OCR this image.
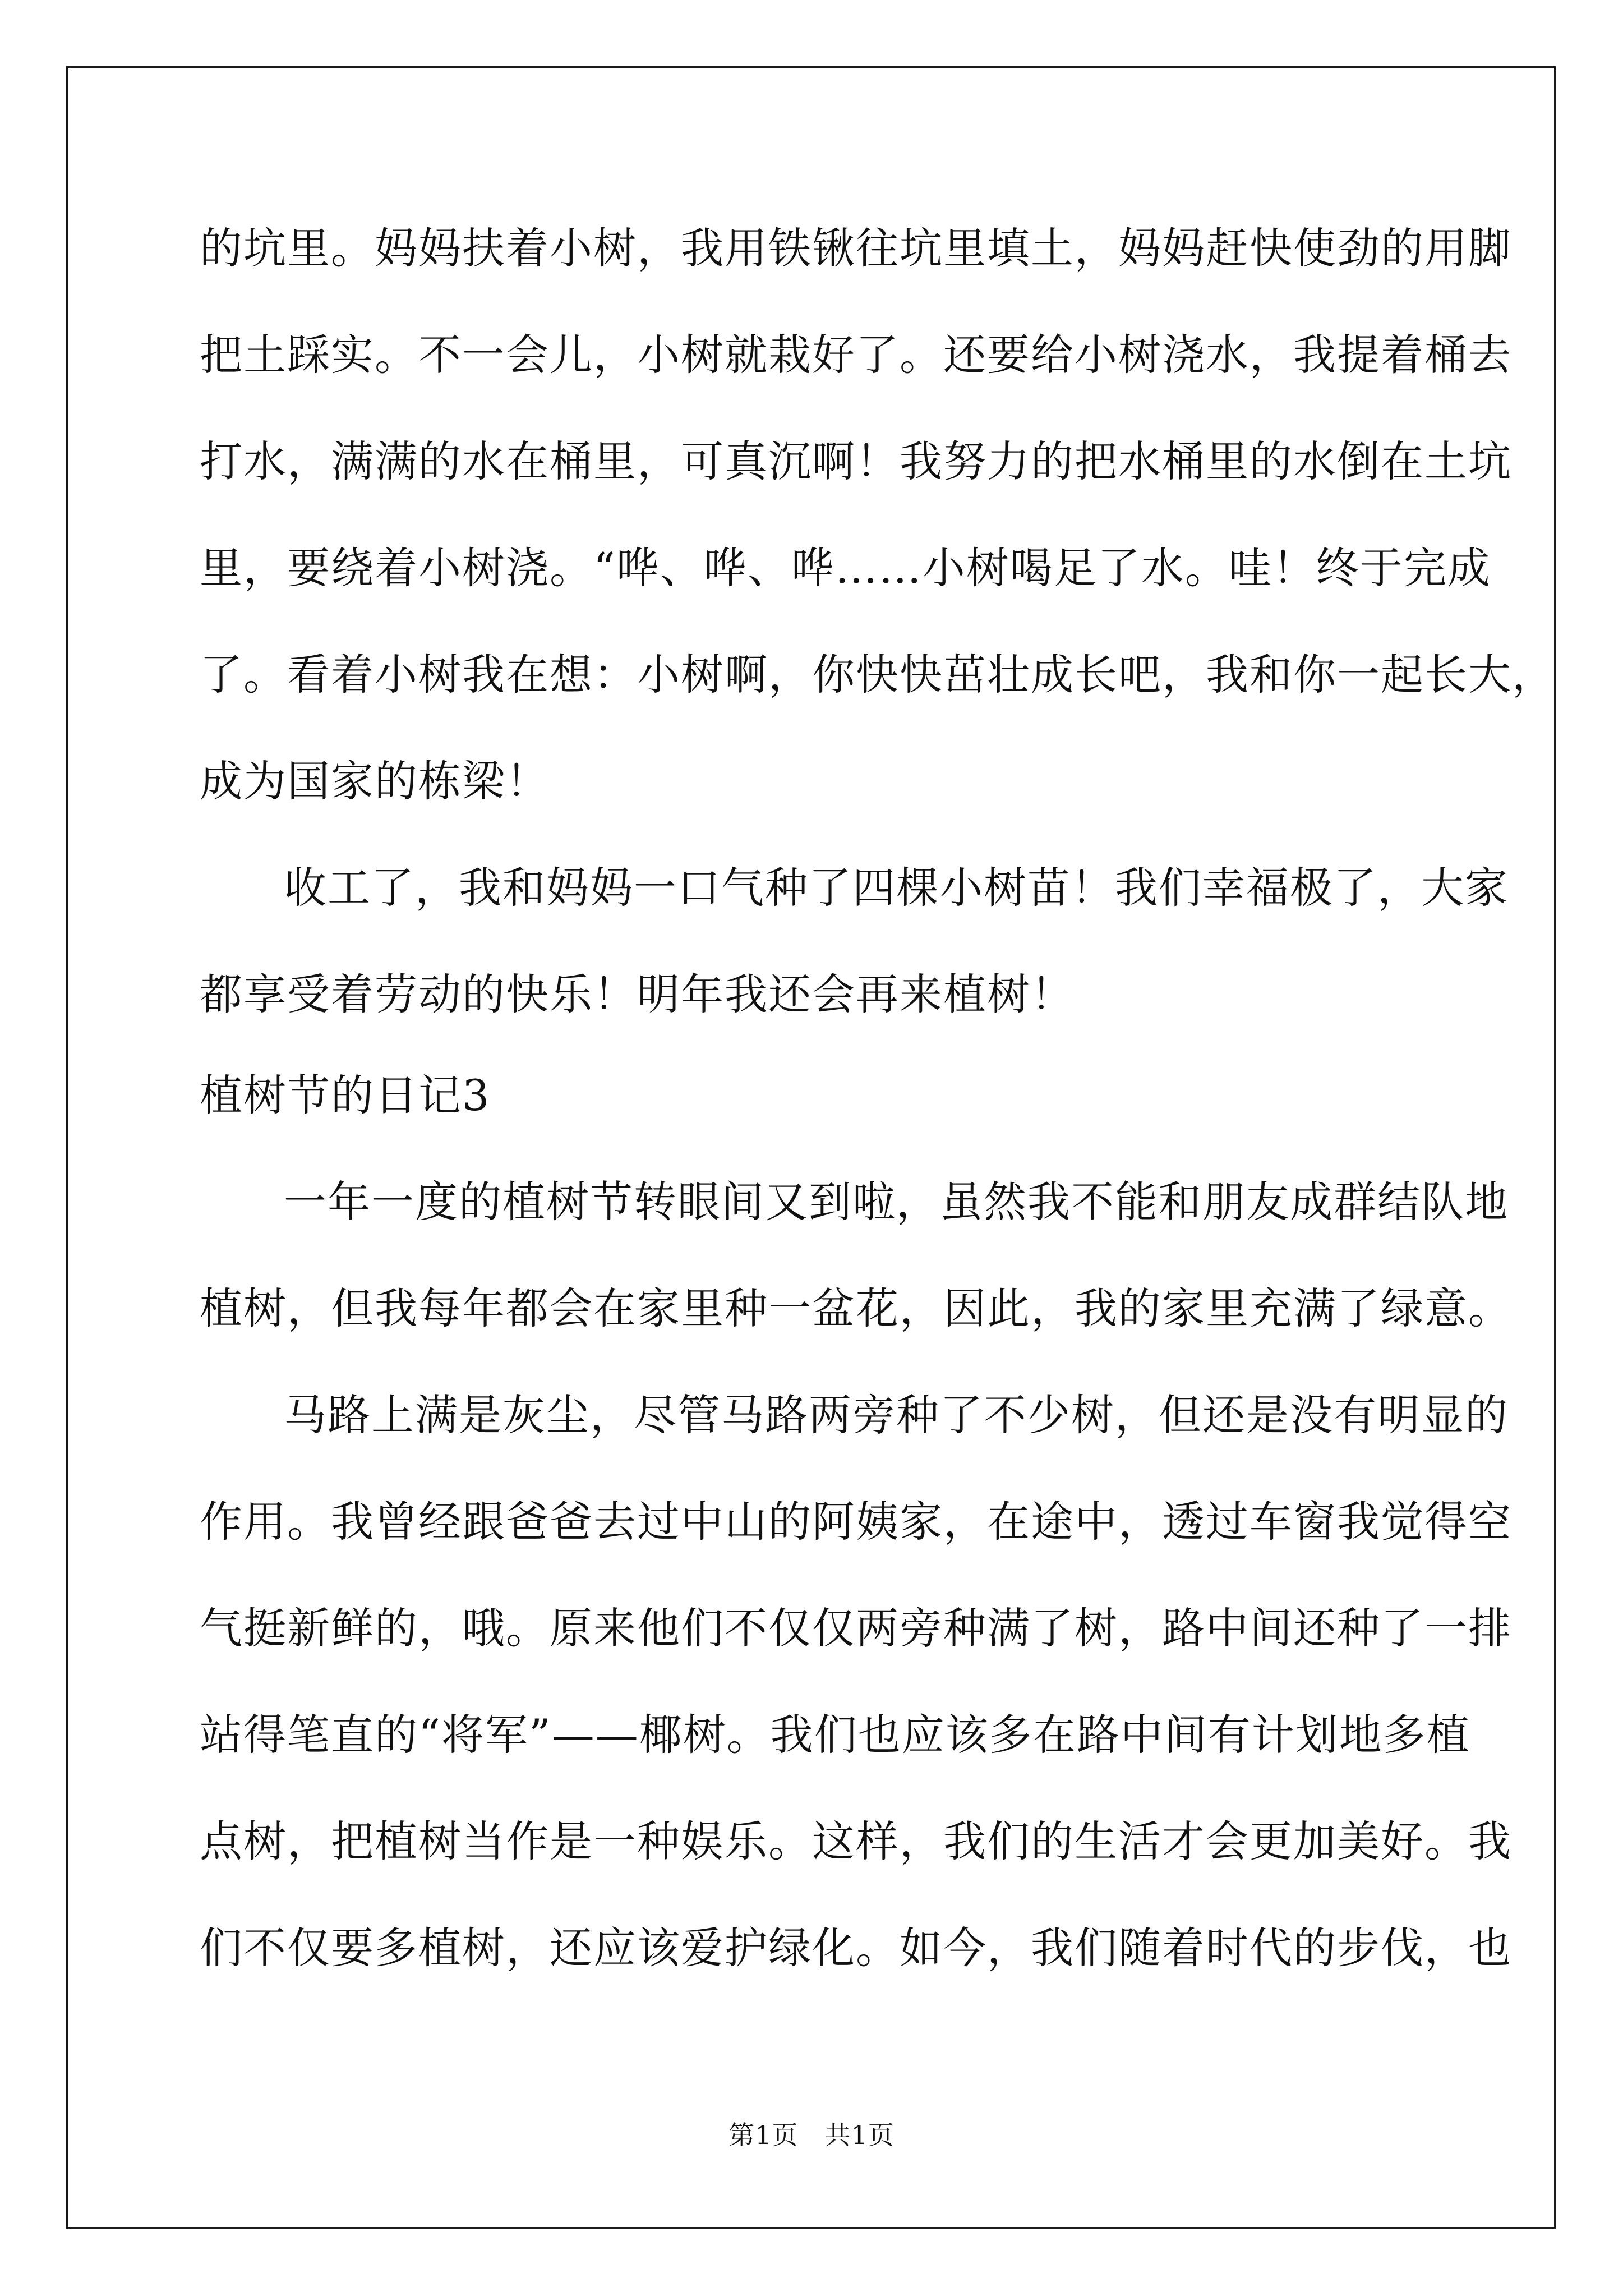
的坑里。妈妈扶着小树，我用铁锹往坑里填土，妈妈赶快使劲的用脚
把土踩实。不一会儿，小树就栽好了。还要给小树浇水，我提着桶去
打水，满满的水在桶里，可真沉啊！我努力的把水桶里的水倒在土坑
里，要绕着小树浇。“哗、哗、哗……小树喝足了水。哇！终于完成
了。看着小树我在想：小树啊，你快快茁壮成长吧，我和你一起长大，
成为国家的栋梁！
收工了，我和妈妈一口气种了四棵小树苗！我们幸福极了，大家
都享受着劳动的快乐！明年我还会再来植树！
植树节的日记3
一年一度的植树节转眼间又到啦，虽然我不能和朋友成群结队地
植树，但我每年都会在家里种一盆花，因此，我的家里充满了绿意。
马路上满是灰尘，尽管马路两旁种了不少树，但还是没有明显的
作用。我曾经跟爸爸去过中山的阿姨家，在途中，透过车窗我觉得空
气挺新鲜的，哦。原来他们不仅仅两旁种满了树，路中间还种了一排
站得笔直的“将军”——椰树。我们也应该多在路中间有计划地多植
点树，把植树当作是一种娱乐。这样，我们的生活才会更加美好。我
们不仅要多植树，还应该爱护绿化。如今，我们随着时代的步伐，也
第1页　共1页
